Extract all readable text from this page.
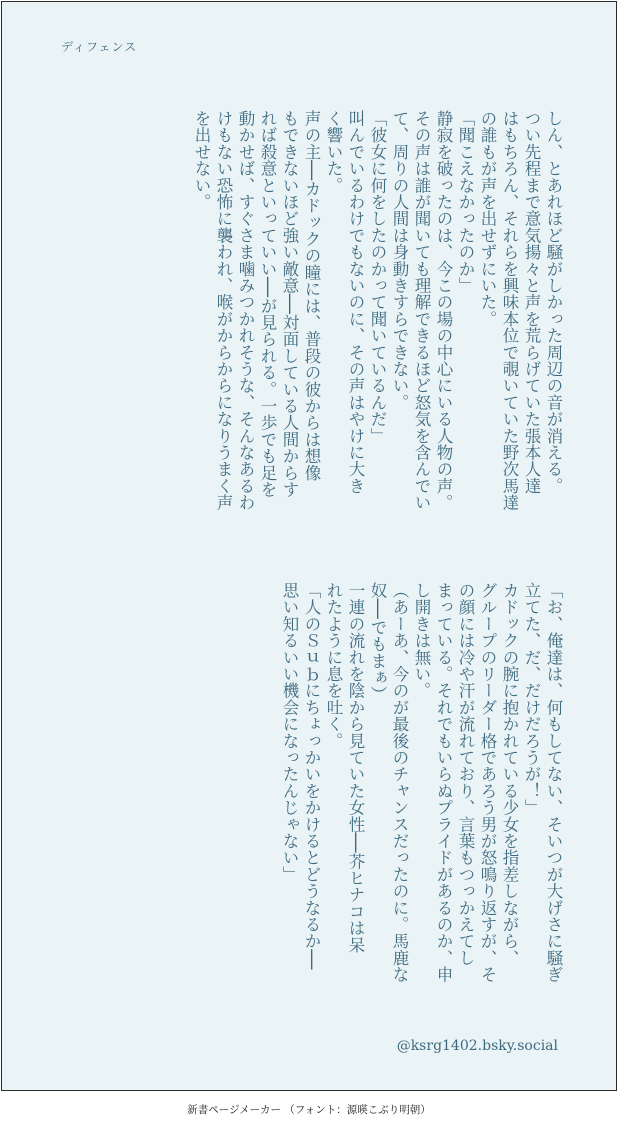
ディフェンス

しん、とあれほど騒がしかった周辺の音が消える。

つい先程まで意気揚々と声を荒らげていた張本人達

はもちろん、それらを興味本位で覗いていた野次馬達

の誰もが声を出せずにいた。

「聞こえなかったのか」

静寂を破ったのは、今この場の中心にいる人物の声。

その声は誰が聞いても理解できるほど怒気を含んでい

て、周りの人間は身動きすらできない。

「彼女に何をしたのかって聞いているんだ」

叫んでいるわけでもないのに、その声はやけに大き

く響いた。

声の主──カドックの瞳には、普段の彼からは想像

もできないほど強い敵意──対面している人間からす

れば殺意といっていい──が見られる。一歩でも足を

動かせば、すぐさま噛みつかれそうな、そんなあるわ

けもない恐怖に襲われ、喉がからからになりうまく声

を出せない。

「お、俺達は、何もしてない、そいつが大げさに騒ぎ

立てた、だ、だけだろうが！」

カドックの腕に抱かれている少女を指差しながら、

グループのリーダー格であろう男が怒鳴り返すが、そ

の顔には冷や汗が流れており、言葉もつっかえてし

まっている。それでもいらぬプライドがあるのか、申

し開きは無い。

（あーあ、今のが最後のチャンスだったのに。馬鹿な

奴──でもまぁ）

一連の流れを陰から見ていた女性──芥ヒナコは呆

れたように息を吐く。

「人のＳｕｂにちょっかいをかけるとどうなるか──

思い知るいい機会になったんじゃない」

@ksrg1402.bsky.social
新書ページメーカー （フォント：源暎こぶり明朝）
